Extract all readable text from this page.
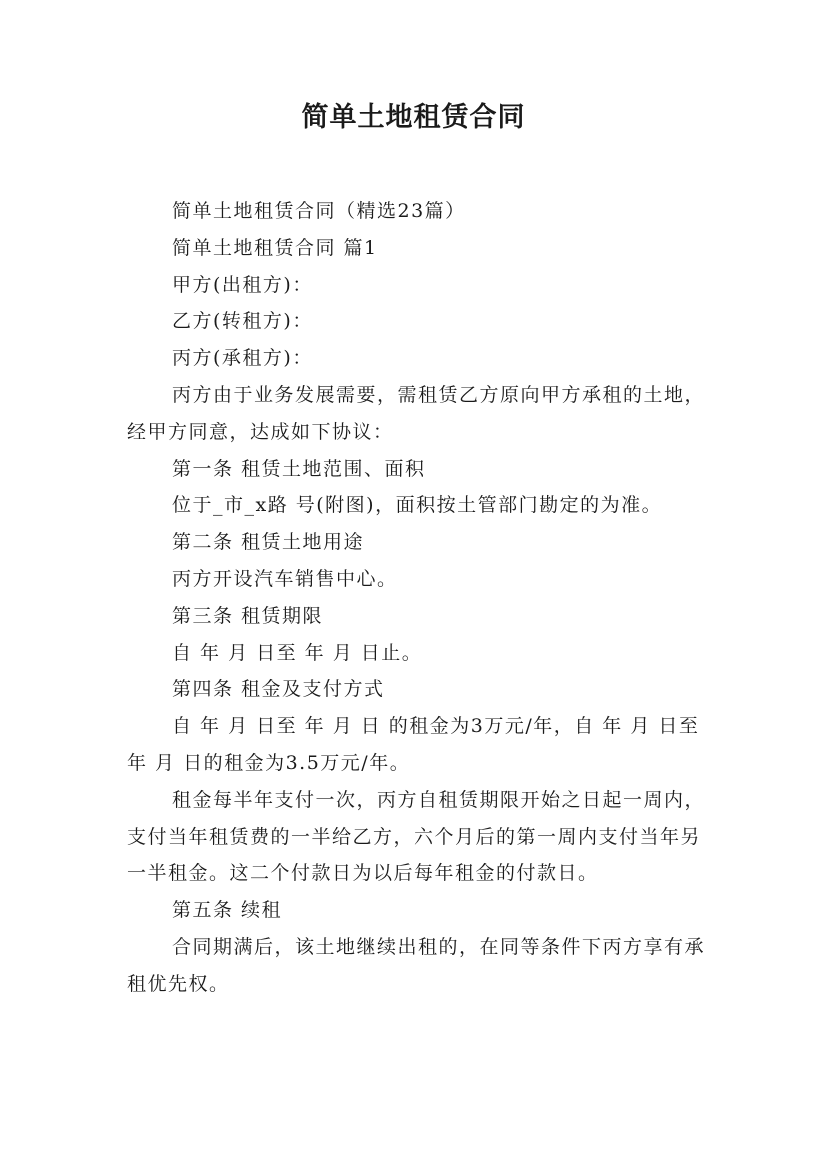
简单土地租赁合同

简单土地租赁合同（精选23篇）

简单土地租赁合同 篇1

甲方(出租方)：

乙方(转租方)：

丙方(承租方)：

丙方由于业务发展需要，需租赁乙方原向甲方承租的土地，经甲方同意，达成如下协议：

第一条 租赁土地范围、面积

位于_市_x路 号(附图)，面积按土管部门勘定的为准。

第二条 租赁土地用途

丙方开设汽车销售中心。

第三条 租赁期限

自 年 月 日至 年 月 日止。

第四条 租金及支付方式

自 年 月 日至 年 月 日 的租金为3万元/年，自 年 月 日至 年 月 日的租金为3.5万元/年。

租金每半年支付一次，丙方自租赁期限开始之日起一周内，支付当年租赁费的一半给乙方，六个月后的第一周内支付当年另一半租金。这二个付款日为以后每年租金的付款日。

第五条 续租

合同期满后，该土地继续出租的，在同等条件下丙方享有承租优先权。
